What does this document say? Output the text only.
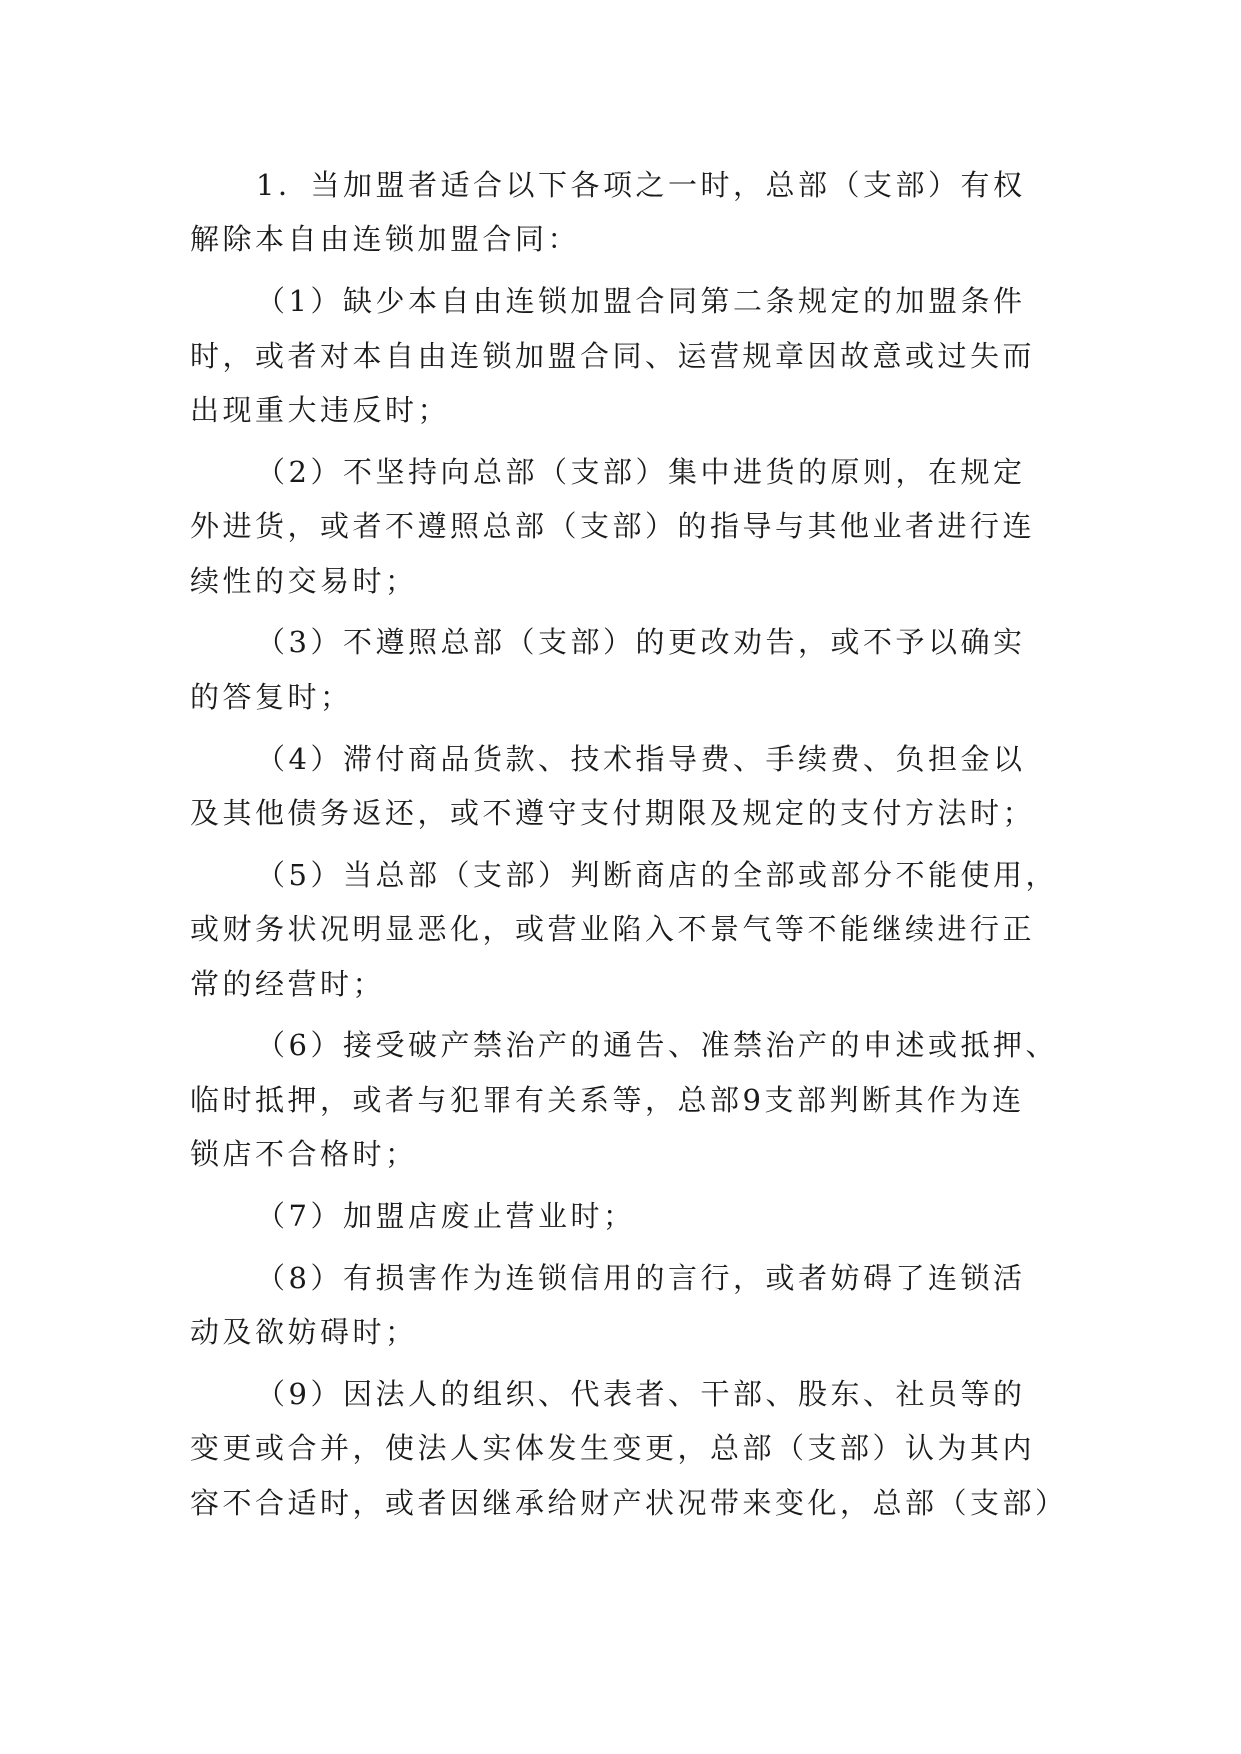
1．当加盟者适合以下各项之一时，总部（支部）有权
解除本自由连锁加盟合同：

（1）缺少本自由连锁加盟合同第二条规定的加盟条件
时，或者对本自由连锁加盟合同、运营规章因故意或过失而
出现重大违反时；

（2）不坚持向总部（支部）集中进货的原则，在规定
外进货，或者不遵照总部（支部）的指导与其他业者进行连
续性的交易时；

（3）不遵照总部（支部）的更改劝告，或不予以确实
的答复时；

（4）滞付商品货款、技术指导费、手续费、负担金以
及其他债务返还，或不遵守支付期限及规定的支付方法时；

（5）当总部（支部）判断商店的全部或部分不能使用，
或财务状况明显恶化，或营业陷入不景气等不能继续进行正
常的经营时；

（6）接受破产禁治产的通告、准禁治产的申述或抵押、
临时抵押，或者与犯罪有关系等，总部9支部判断其作为连
锁店不合格时；

（7）加盟店废止营业时；

（8）有损害作为连锁信用的言行，或者妨碍了连锁活
动及欲妨碍时；

（9）因法人的组织、代表者、干部、股东、社员等的
变更或合并，使法人实体发生变更，总部（支部）认为其内
容不合适时，或者因继承给财产状况带来变化，总部（支部）
